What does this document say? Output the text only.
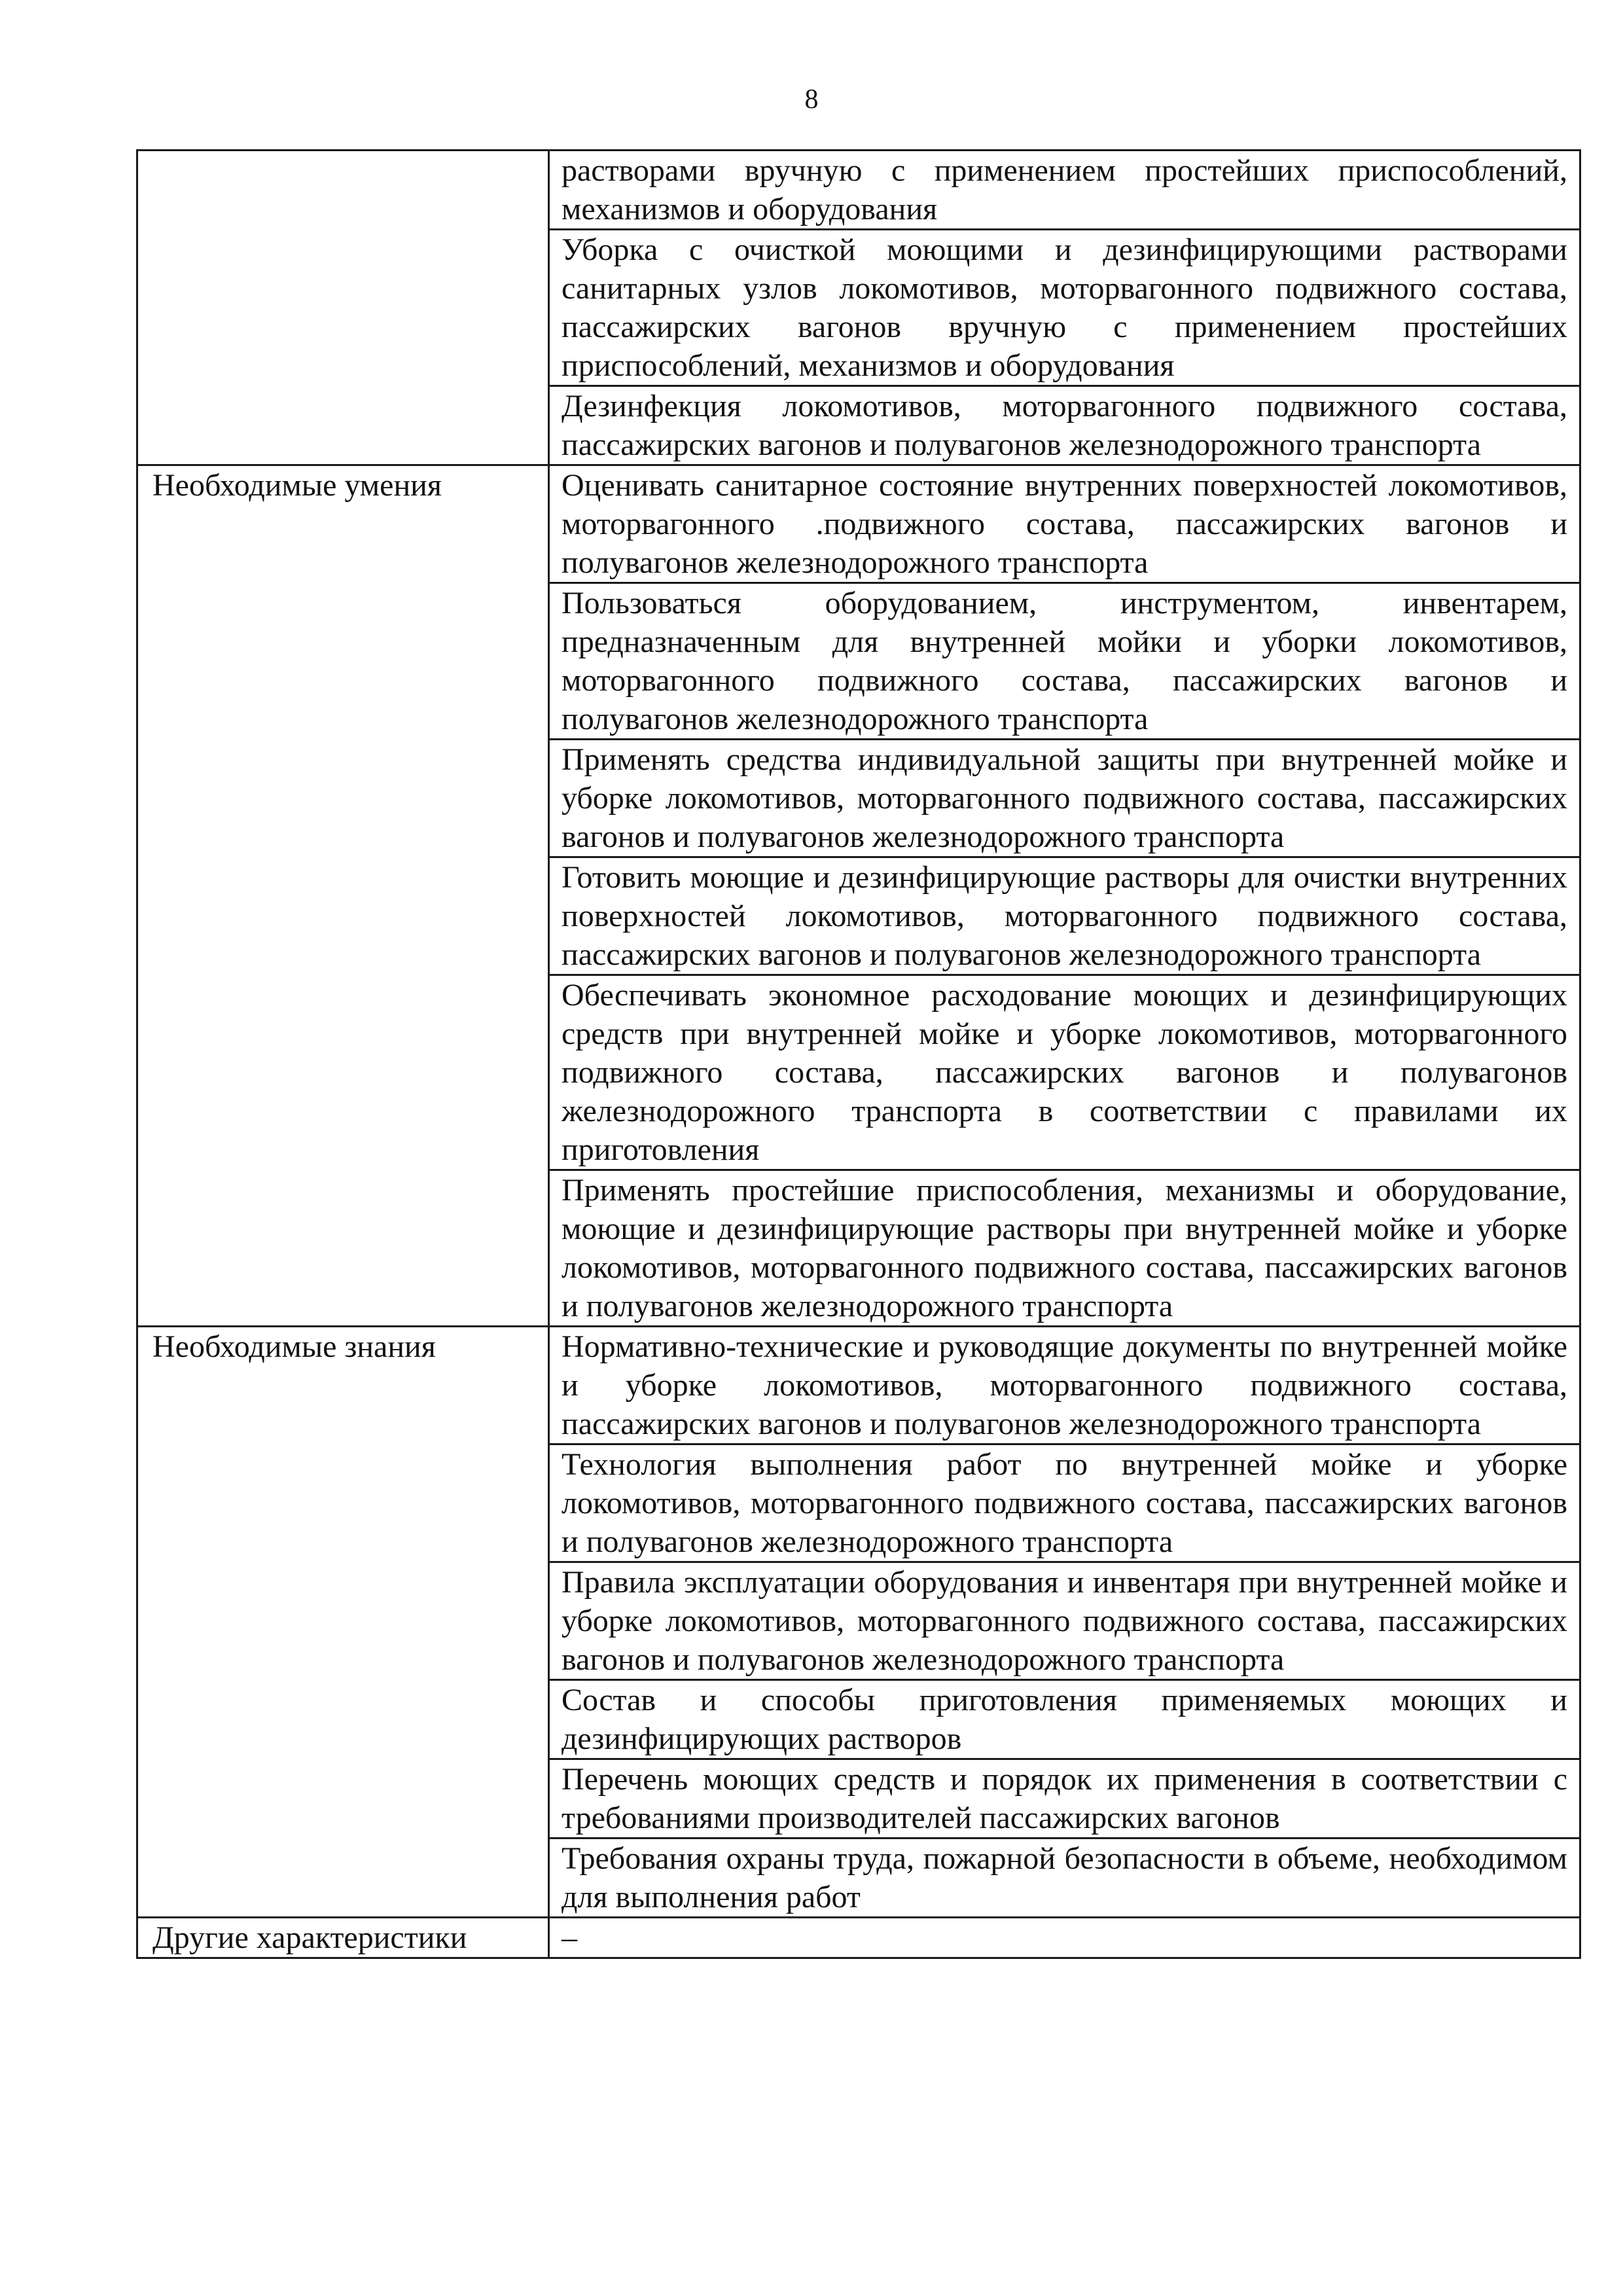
8
	растворами вручную с применением простейших приспособлений, механизмов и оборудования
	Уборка с очисткой моющими и дезинфицирующими растворами санитарных узлов локомотивов, моторвагонного подвижного состава, пассажирских вагонов вручную с применением простейших приспособлений, механизмов и оборудования
	Дезинфекция локомотивов, моторвагонного подвижного состава, пассажирских вагонов и полувагонов железнодорожного транспорта
Необходимые умения	Оценивать санитарное состояние внутренних поверхностей локомотивов, моторвагонного .подвижного состава, пассажирских вагонов и полувагонов железнодорожного транспорта
	Пользоваться оборудованием, инструментом, инвентарем, предназначенным для внутренней мойки и уборки локомотивов, моторвагонного подвижного состава, пассажирских вагонов и полувагонов железнодорожного транспорта
	Применять средства индивидуальной защиты при внутренней мойке и уборке локомотивов, моторвагонного подвижного состава, пассажирских вагонов и полувагонов железнодорожного транспорта
	Готовить моющие и дезинфицирующие растворы для очистки внутренних поверхностей локомотивов, моторвагонного подвижного состава, пассажирских вагонов и полувагонов железнодорожного транспорта
	Обеспечивать экономное расходование моющих и дезинфицирующих средств при внутренней мойке и уборке локомотивов, моторвагонного подвижного состава, пассажирских вагонов и полувагонов железнодорожного транспорта в соответствии с правилами их приготовления
	Применять простейшие приспособления, механизмы и оборудование, моющие и дезинфицирующие растворы при внутренней мойке и уборке локомотивов, моторвагонного подвижного состава, пассажирских вагонов и полувагонов железнодорожного транспорта
Необходимые знания	Нормативно-технические и руководящие документы по внутренней мойке и уборке локомотивов, моторвагонного подвижного состава, пассажирских вагонов и полувагонов железнодорожного транспорта
	Технология выполнения работ по внутренней мойке и уборке локомотивов, моторвагонного подвижного состава, пассажирских вагонов и полувагонов железнодорожного транспорта
	Правила эксплуатации оборудования и инвентаря при внутренней мойке и уборке локомотивов, моторвагонного подвижного состава, пассажирских вагонов и полувагонов железнодорожного транспорта
	Состав и способы приготовления применяемых моющих и дезинфицирующих растворов
	Перечень моющих средств и порядок их применения в соответствии с требованиями производителей пассажирских вагонов
	Требования охраны труда, пожарной безопасности в объеме, необходимом для выполнения работ
Другие характеристики	–
